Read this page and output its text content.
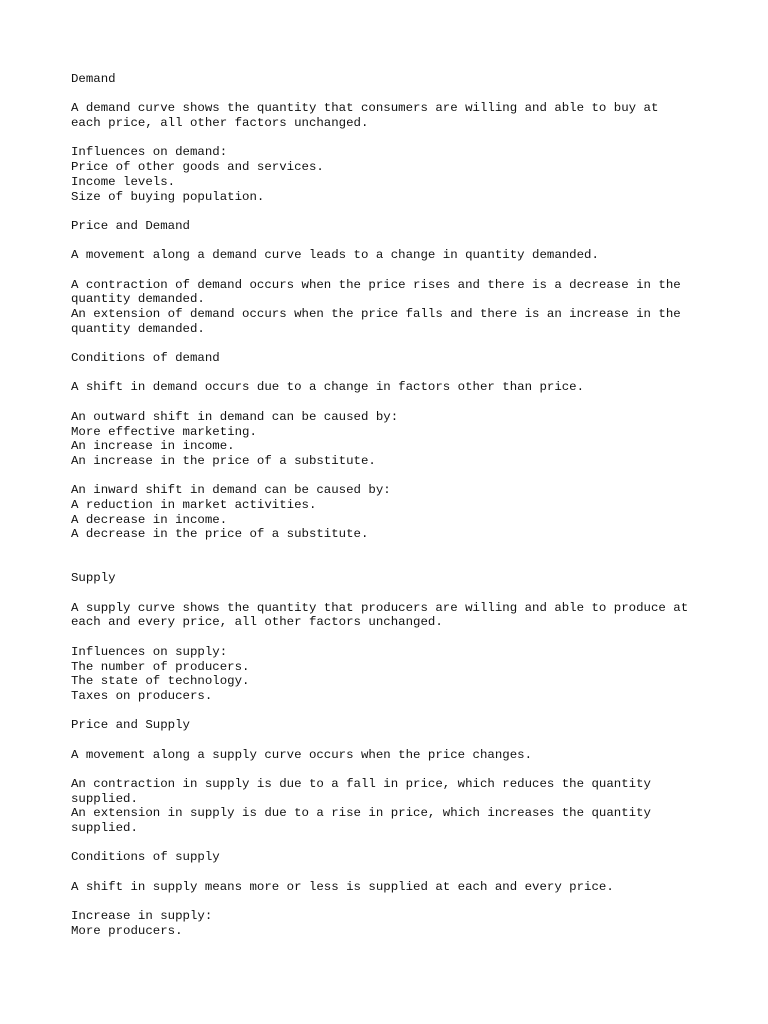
Demand
A demand curve shows the quantity that consumers are willing and able to buy at
each price, all other factors unchanged.
Influences on demand:
Price of other goods and services.
Income levels.
Size of buying population.
Price and Demand
A movement along a demand curve leads to a change in quantity demanded.
A contraction of demand occurs when the price rises and there is a decrease in the
quantity demanded.
An extension of demand occurs when the price falls and there is an increase in the
quantity demanded.
Conditions of demand
A shift in demand occurs due to a change in factors other than price.
An outward shift in demand can be caused by:
More effective marketing.
An increase in income.
An increase in the price of a substitute.
An inward shift in demand can be caused by:
A reduction in market activities.
A decrease in income.
A decrease in the price of a substitute.
Supply
A supply curve shows the quantity that producers are willing and able to produce at
each and every price, all other factors unchanged.
Influences on supply:
The number of producers.
The state of technology.
Taxes on producers.
Price and Supply
A movement along a supply curve occurs when the price changes.
An contraction in supply is due to a fall in price, which reduces the quantity
supplied.
An extension in supply is due to a rise in price, which increases the quantity
supplied.
Conditions of supply
A shift in supply means more or less is supplied at each and every price.
Increase in supply:
More producers.
